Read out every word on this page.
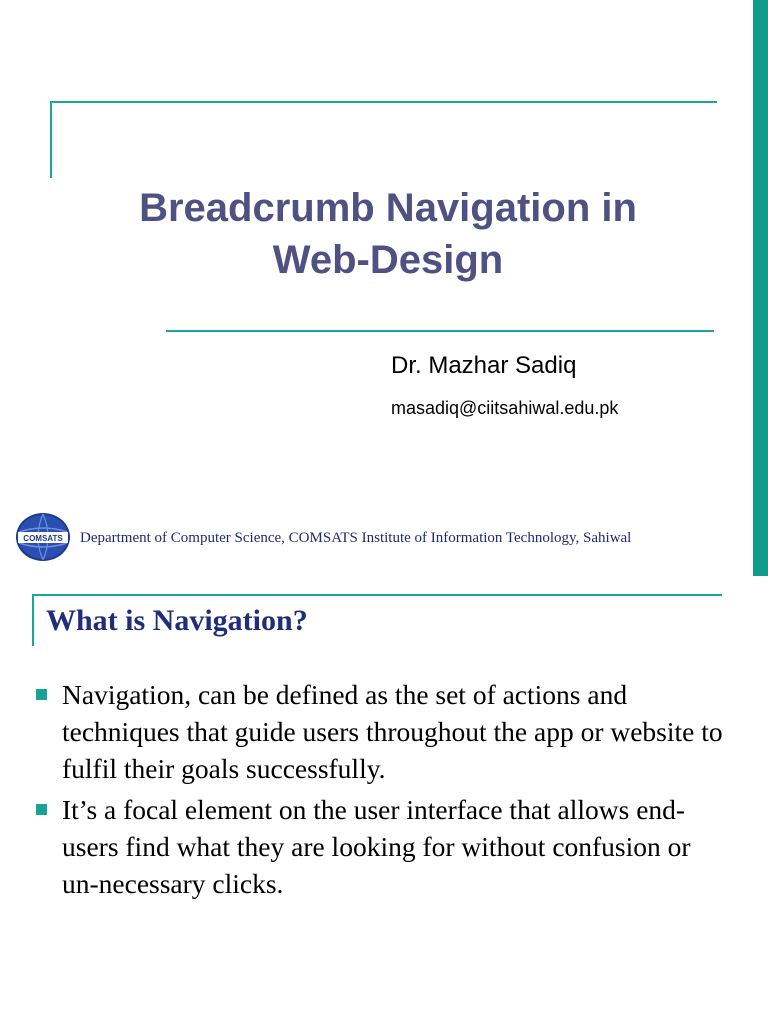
Breadcrumb Navigation in
Web-Design

Dr. Mazhar Sadiq

masadiq@ciitsahiwal.edu.pk

COMSATS Department of Computer Science, COMSATS Institute of Information Technology, Sahiwal

What is Navigation?
Navigation, can be defined as the set of actions and techniques that guide users throughout the app or website to fulfil their goals successfully.
It’s a focal element on the user interface that allows end-users find what they are looking for without confusion or un-necessary clicks.
